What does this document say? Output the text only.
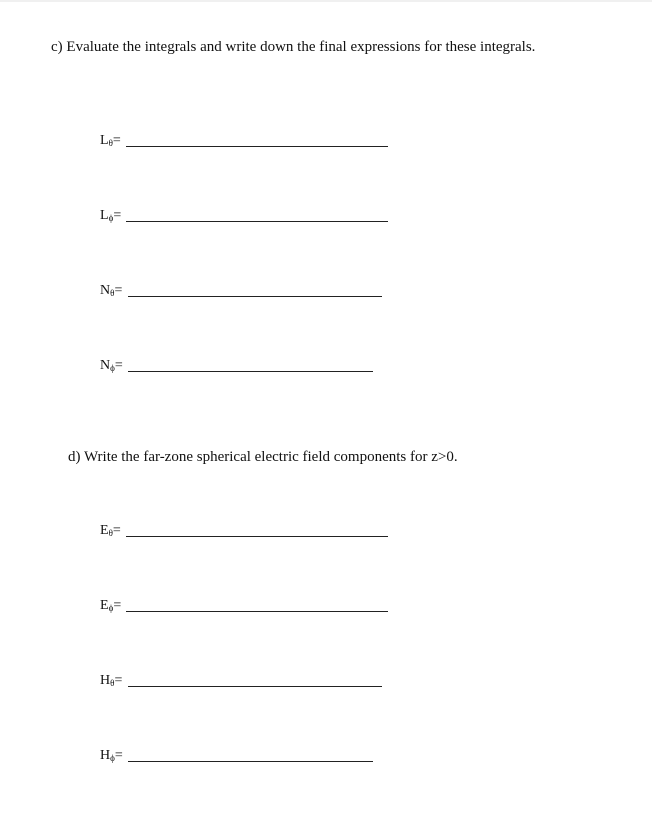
c) Evaluate the integrals and write down the final expressions for these integrals.
$L_\theta=$
$L_\phi=$
$N_\theta=$
$N_\phi=$
d) Write the far-zone spherical electric field components for z>0.
$E_\theta=$
$E_\phi=$
$H_\theta=$
$H_\phi=$
